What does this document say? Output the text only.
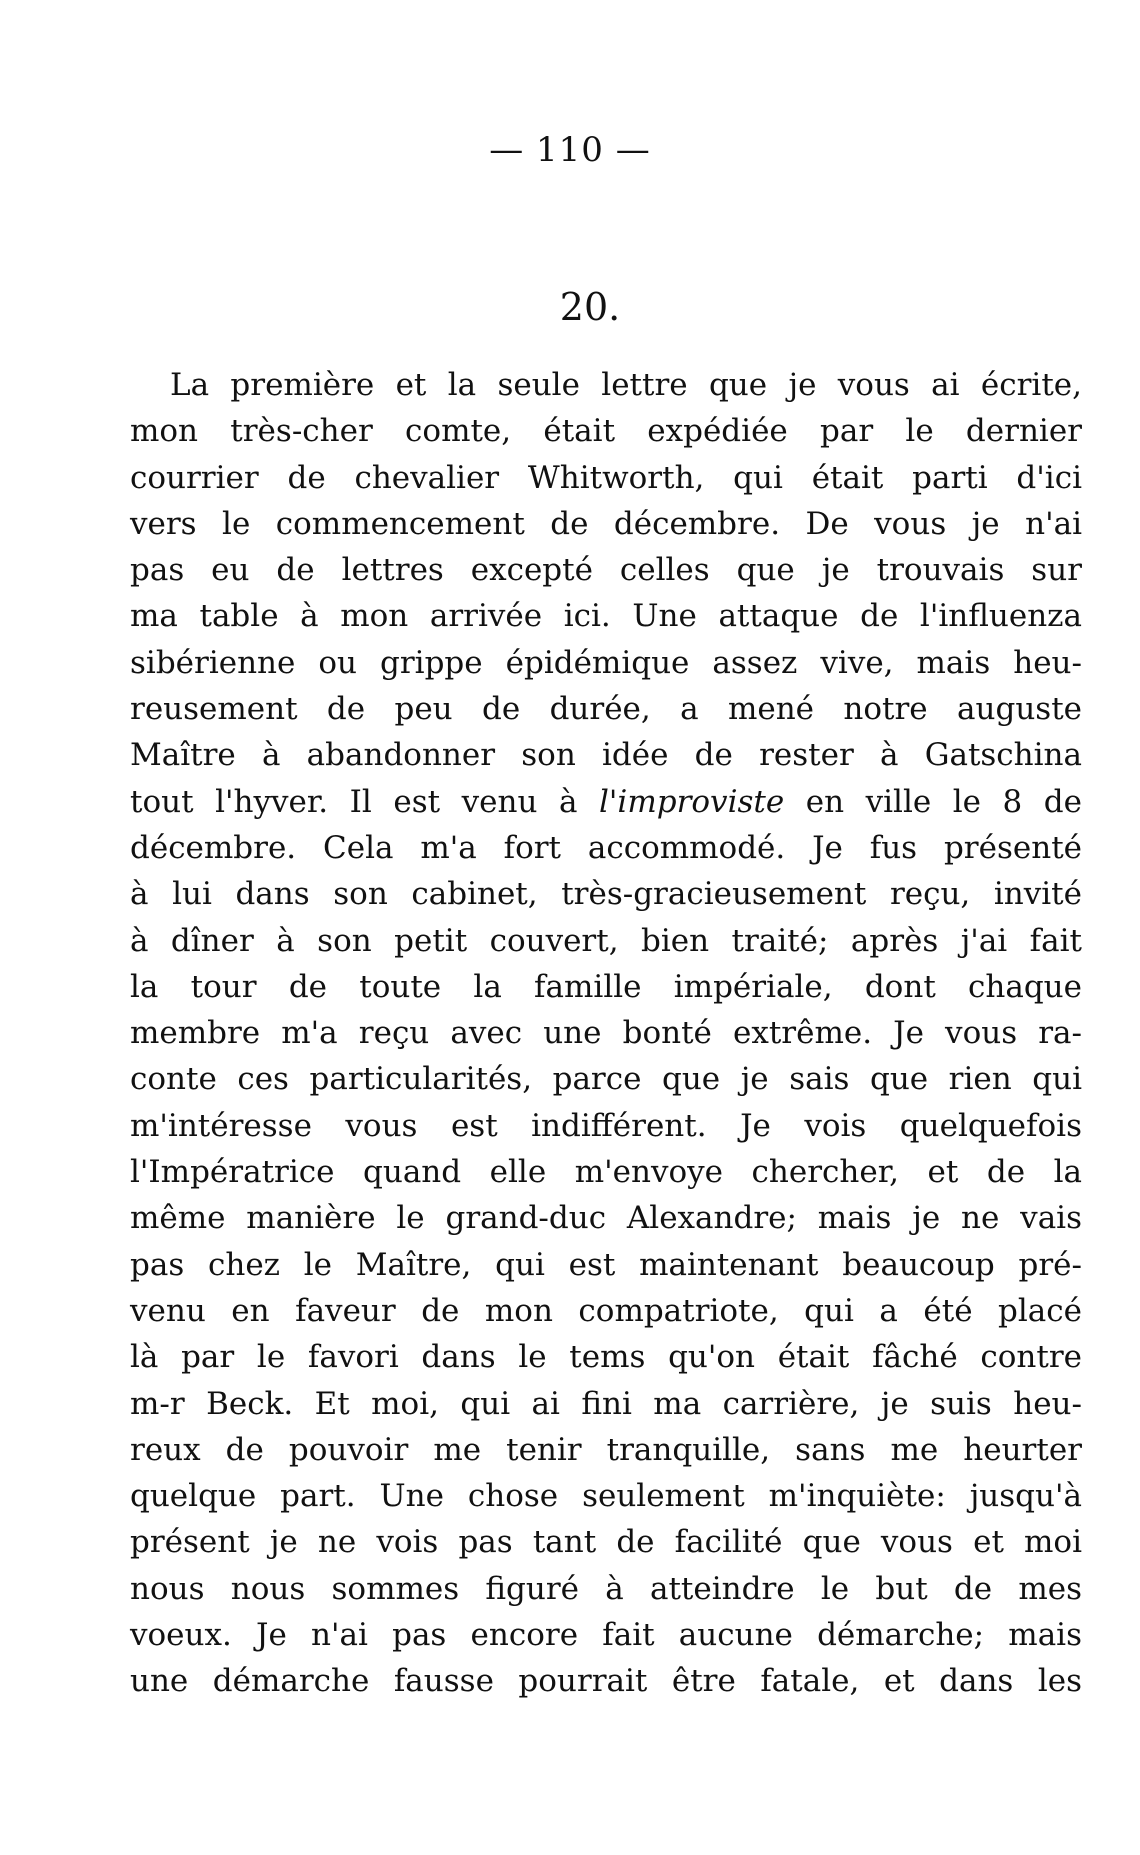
— 110 —
20.
La première et la seule lettre que je vous ai écrite,
mon très-cher comte, était expédiée par le dernier
courrier de chevalier Whitworth, qui était parti d'ici
vers le commencement de décembre. De vous je n'ai
pas eu de lettres excepté celles que je trouvais sur
ma table à mon arrivée ici. Une attaque de l'influenza
sibérienne ou grippe épidémique assez vive, mais heu-
reusement de peu de durée, a mené notre auguste
Maître à abandonner son idée de rester à Gatschina
tout l'hyver. Il est venu à l'improviste en ville le 8 de
décembre. Cela m'a fort accommodé. Je fus présenté
à lui dans son cabinet, très-gracieusement reçu, invité
à dîner à son petit couvert, bien traité; après j'ai fait
la tour de toute la famille impériale, dont chaque
membre m'a reçu avec une bonté extrême. Je vous ra-
conte ces particularités, parce que je sais que rien qui
m'intéresse vous est indifférent. Je vois quelquefois
l'Impératrice quand elle m'envoye chercher, et de la
même manière le grand-duc Alexandre; mais je ne vais
pas chez le Maître, qui est maintenant beaucoup pré-
venu en faveur de mon compatriote, qui a été placé
là par le favori dans le tems qu'on était fâché contre
m-r Beck. Et moi, qui ai fini ma carrière, je suis heu-
reux de pouvoir me tenir tranquille, sans me heurter
quelque part. Une chose seulement m'inquiète: jusqu'à
présent je ne vois pas tant de facilité que vous et moi
nous nous sommes figuré à atteindre le but de mes
voeux. Je n'ai pas encore fait aucune démarche; mais
une démarche fausse pourrait être fatale, et dans les
